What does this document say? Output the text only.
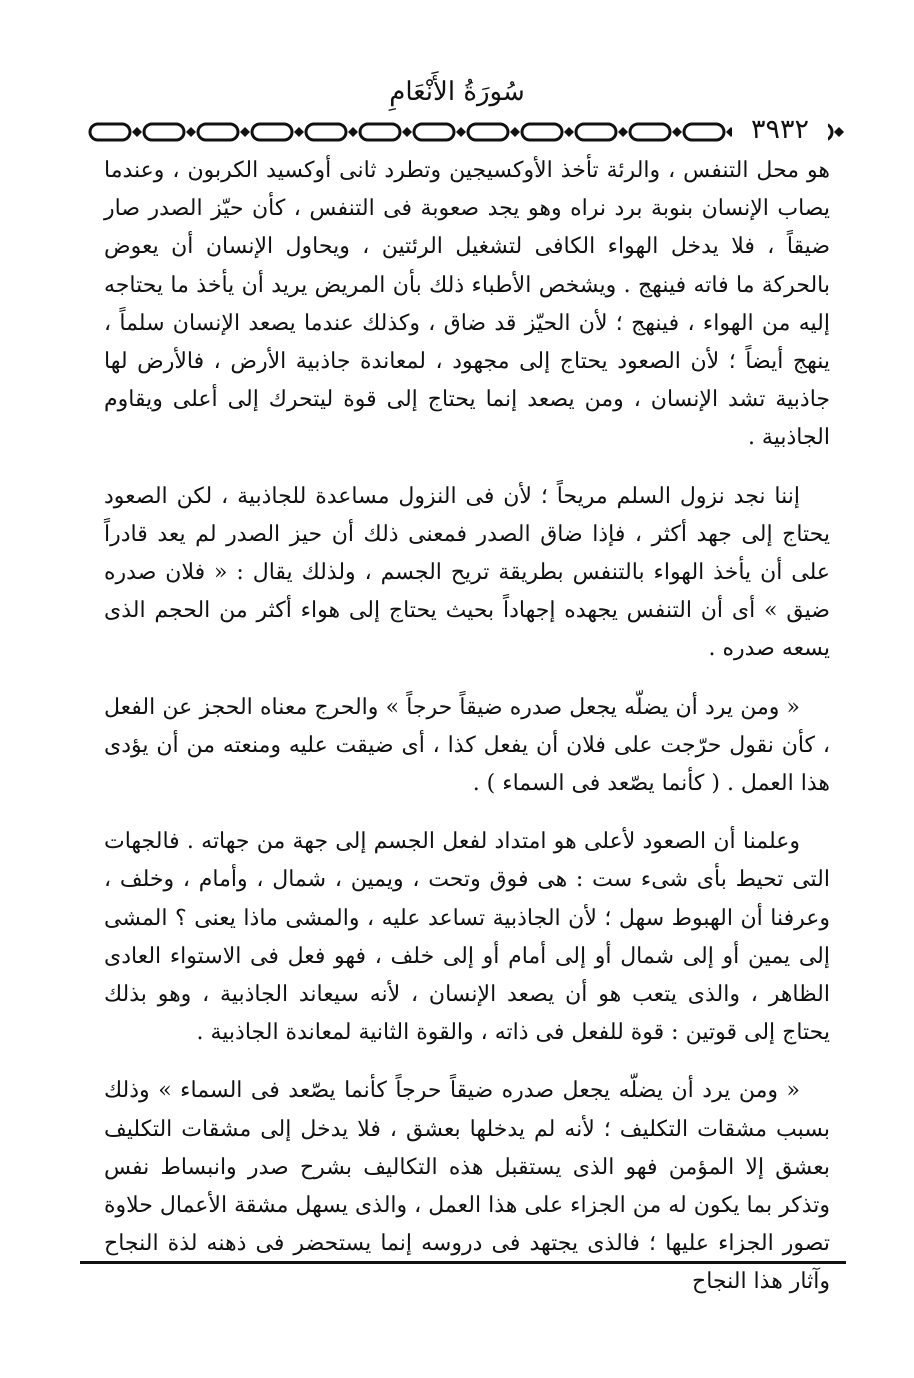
سُورَةُ الأَنْعَامِ
٣٩٣٢

هو محل التنفس ، والرئة تأخذ الأوكسيجين وتطرد ثانى أوكسيد الكربون ، وعندما يصاب الإنسان بنوبة برد نراه وهو يجد صعوبة فى التنفس ، كأن حيّز الصدر صار ضيقاً ، فلا يدخل الهواء الكافى لتشغيل الرئتين ، ويحاول الإنسان أن يعوض بالحركة ما فاته فينهج . ويشخص الأطباء ذلك بأن المريض يريد أن يأخذ ما يحتاجه إليه من الهواء ، فينهج ؛ لأن الحيّز قد ضاق ، وكذلك عندما يصعد الإنسان سلماً ، ينهج أيضاً ؛ لأن الصعود يحتاج إلى مجهود ، لمعاندة جاذبية الأرض ، فالأرض لها جاذبية تشد الإنسان ، ومن يصعد إنما يحتاج إلى قوة ليتحرك إلى أعلى ويقاوم الجاذبية .

إننا نجد نزول السلم مريحاً ؛ لأن فى النزول مساعدة للجاذبية ، لكن الصعود يحتاج إلى جهد أكثر ، فإذا ضاق الصدر فمعنى ذلك أن حيز الصدر لم يعد قادراً على أن يأخذ الهواء بالتنفس بطريقة تريح الجسم ، ولذلك يقال : « فلان صدره ضيق » أى أن التنفس يجهده إجهاداً بحيث يحتاج إلى هواء أكثر من الحجم الذى يسعه صدره .

« ومن يرد أن يضلّه يجعل صدره ضيقاً حرجاً » والحرج معناه الحجز عن الفعل ، كأن نقول حرّجت على فلان أن يفعل كذا ، أى ضيقت عليه ومنعته من أن يؤدى هذا العمل . ( كأنما يصّعد فى السماء ) .

وعلمنا أن الصعود لأعلى هو امتداد لفعل الجسم إلى جهة من جهاته . فالجهات التى تحيط بأى شىء ست : هى فوق وتحت ، ويمين ، شمال ، وأمام ، وخلف ، وعرفنا أن الهبوط سهل ؛ لأن الجاذبية تساعد عليه ، والمشى ماذا يعنى ؟ المشى إلى يمين أو إلى شمال أو إلى أمام أو إلى خلف ، فهو فعل فى الاستواء العادى الظاهر ، والذى يتعب هو أن يصعد الإنسان ، لأنه سيعاند الجاذبية ، وهو بذلك يحتاج إلى قوتين : قوة للفعل فى ذاته ، والقوة الثانية لمعاندة الجاذبية .

« ومن يرد أن يضلّه يجعل صدره ضيقاً حرجاً كأنما يصّعد فى السماء » وذلك بسبب مشقات التكليف ؛ لأنه لم يدخلها بعشق ، فلا يدخل إلى مشقات التكليف بعشق إلا المؤمن فهو الذى يستقبل هذه التكاليف بشرح صدر وانبساط نفس وتذكر بما يكون له من الجزاء على هذا العمل ، والذى يسهل مشقة الأعمال حلاوة تصور الجزاء عليها ؛ فالذى يجتهد فى دروسه إنما يستحضر فى ذهنه لذة النجاح وآثار هذا النجاح
